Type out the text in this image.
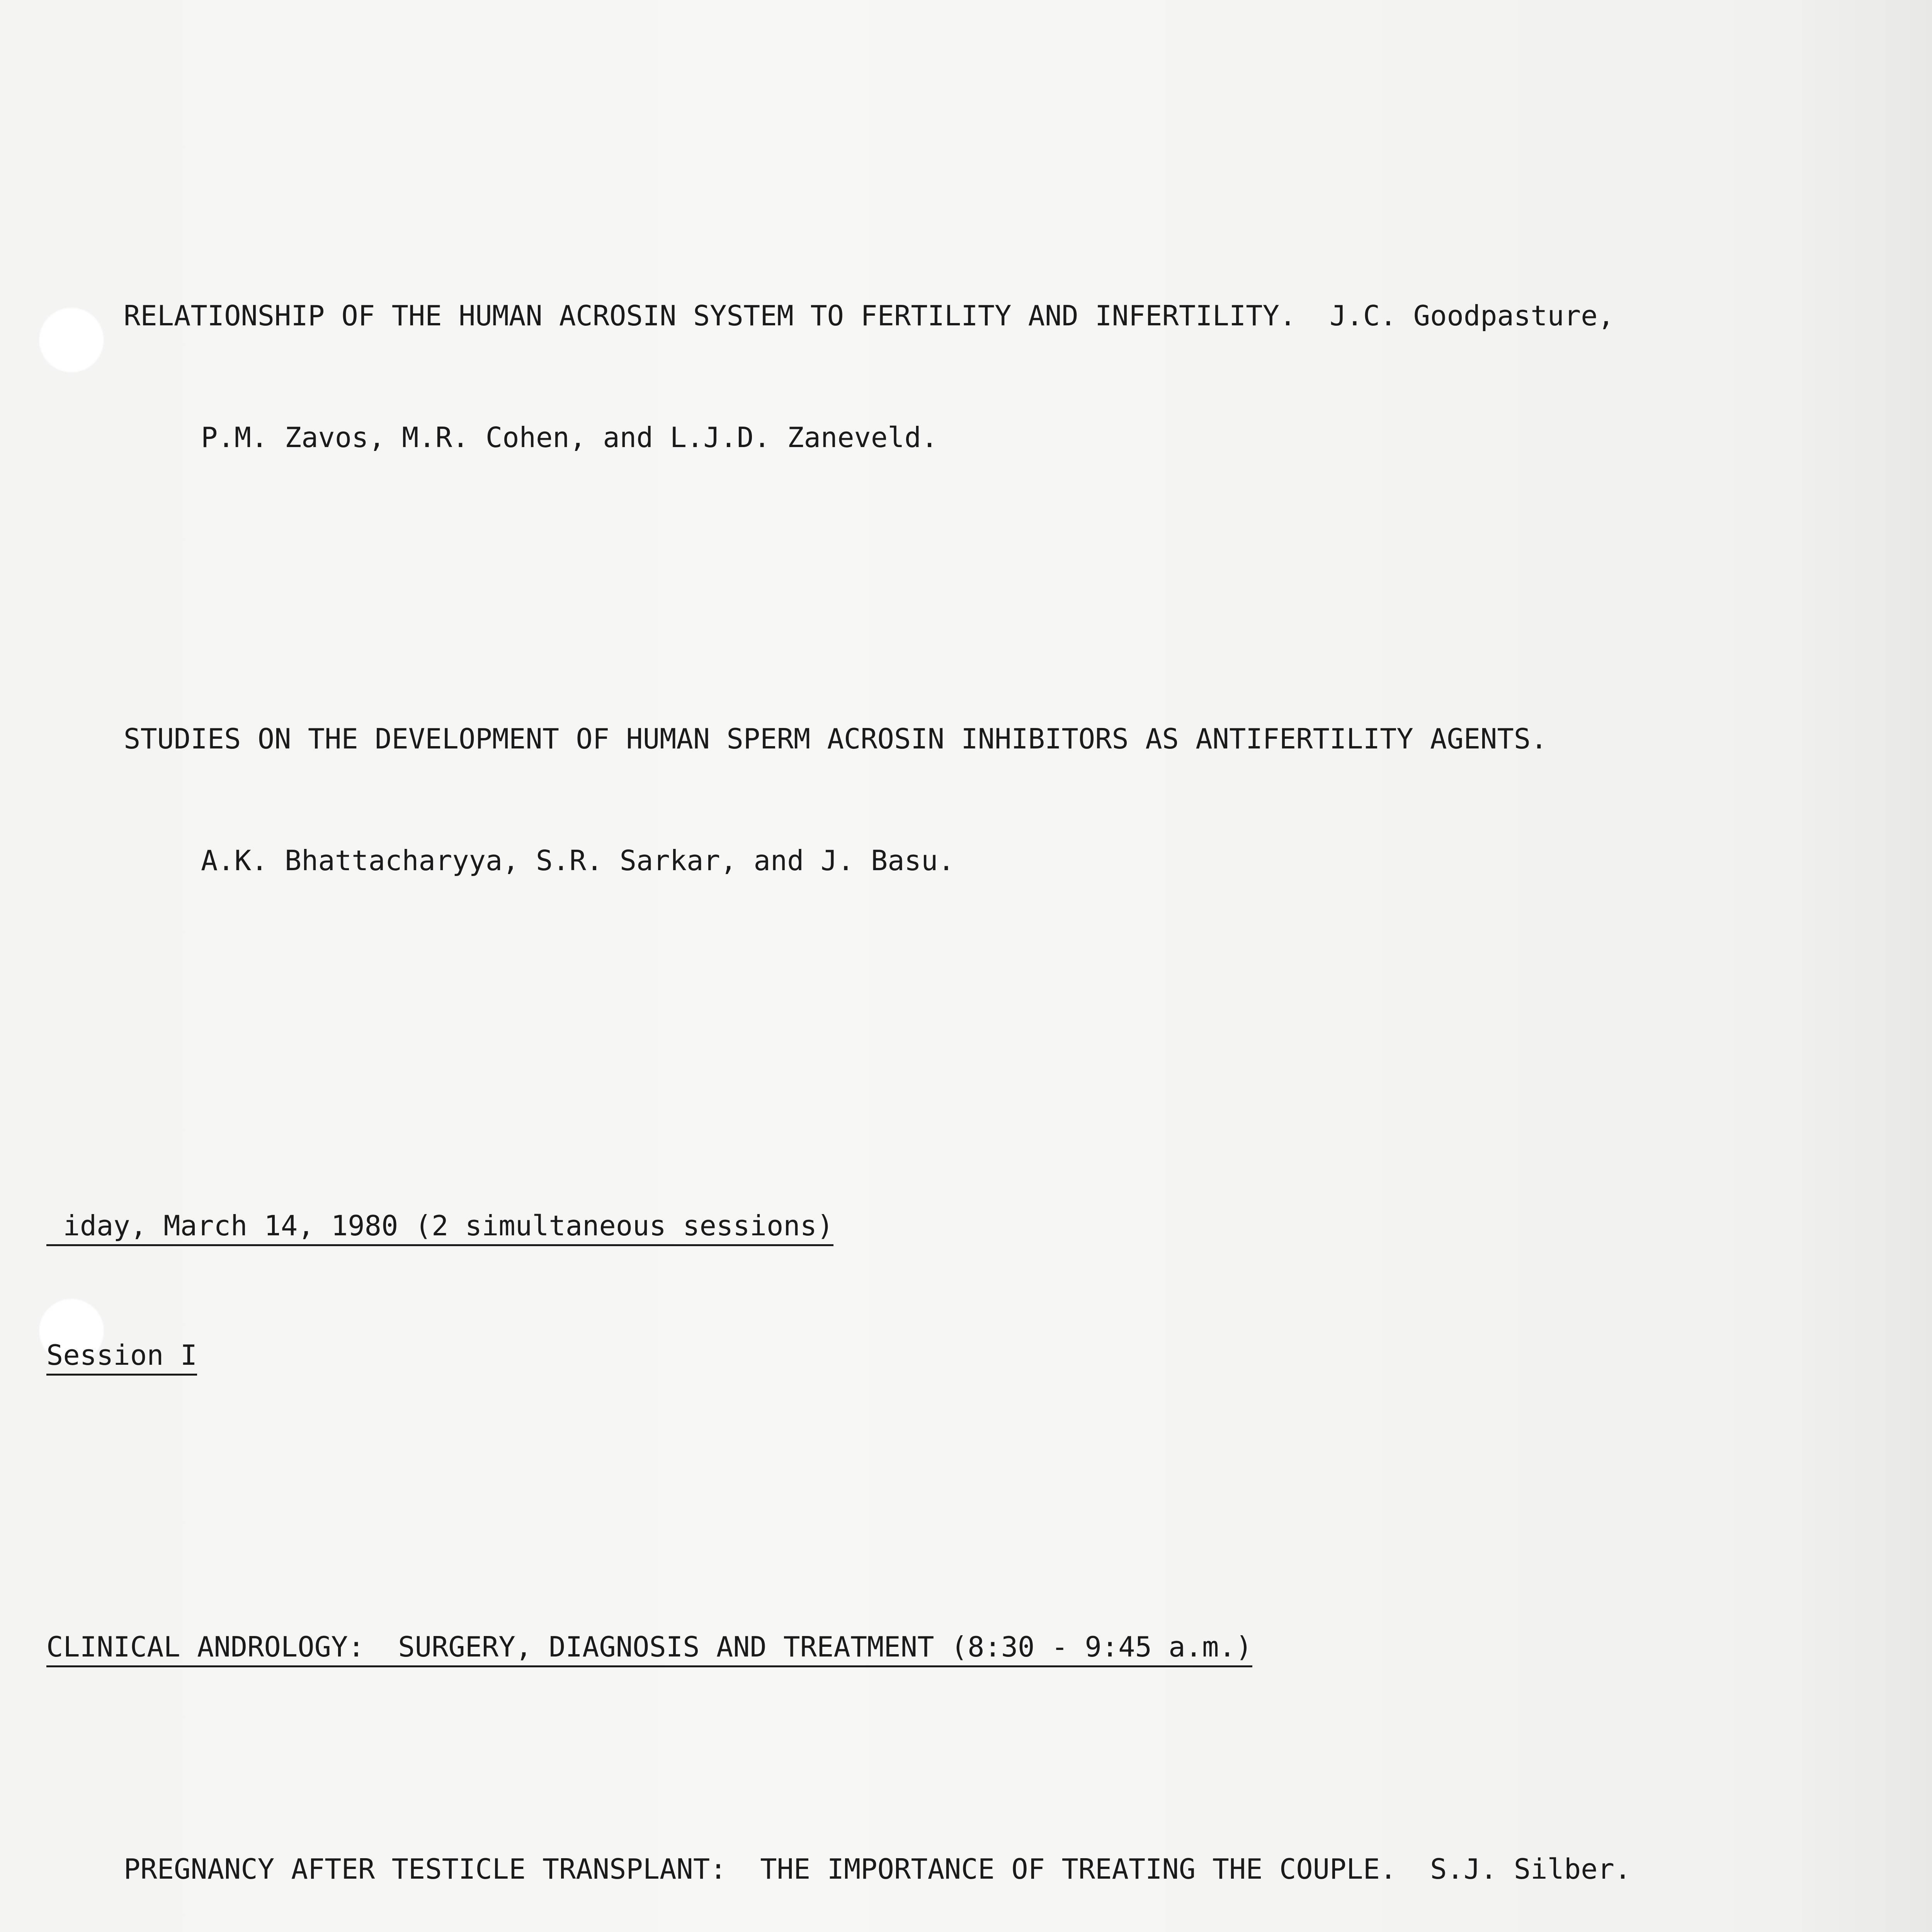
RELATIONSHIP OF THE HUMAN ACROSIN SYSTEM TO FERTILITY AND INFERTILITY.  J.C. Goodpasture,

P.M. Zavos, M.R. Cohen, and L.J.D. Zaneveld.

STUDIES ON THE DEVELOPMENT OF HUMAN SPERM ACROSIN INHIBITORS AS ANTIFERTILITY AGENTS.

A.K. Bhattacharyya, S.R. Sarkar, and J. Basu.

iday, March 14, 1980 (2 simultaneous sessions)

Session I

CLINICAL ANDROLOGY:  SURGERY, DIAGNOSIS AND TREATMENT (8:30 - 9:45 a.m.)

PREGNANCY AFTER TESTICLE TRANSPLANT:  THE IMPORTANCE OF TREATING THE COUPLE.  S.J. Silber.
